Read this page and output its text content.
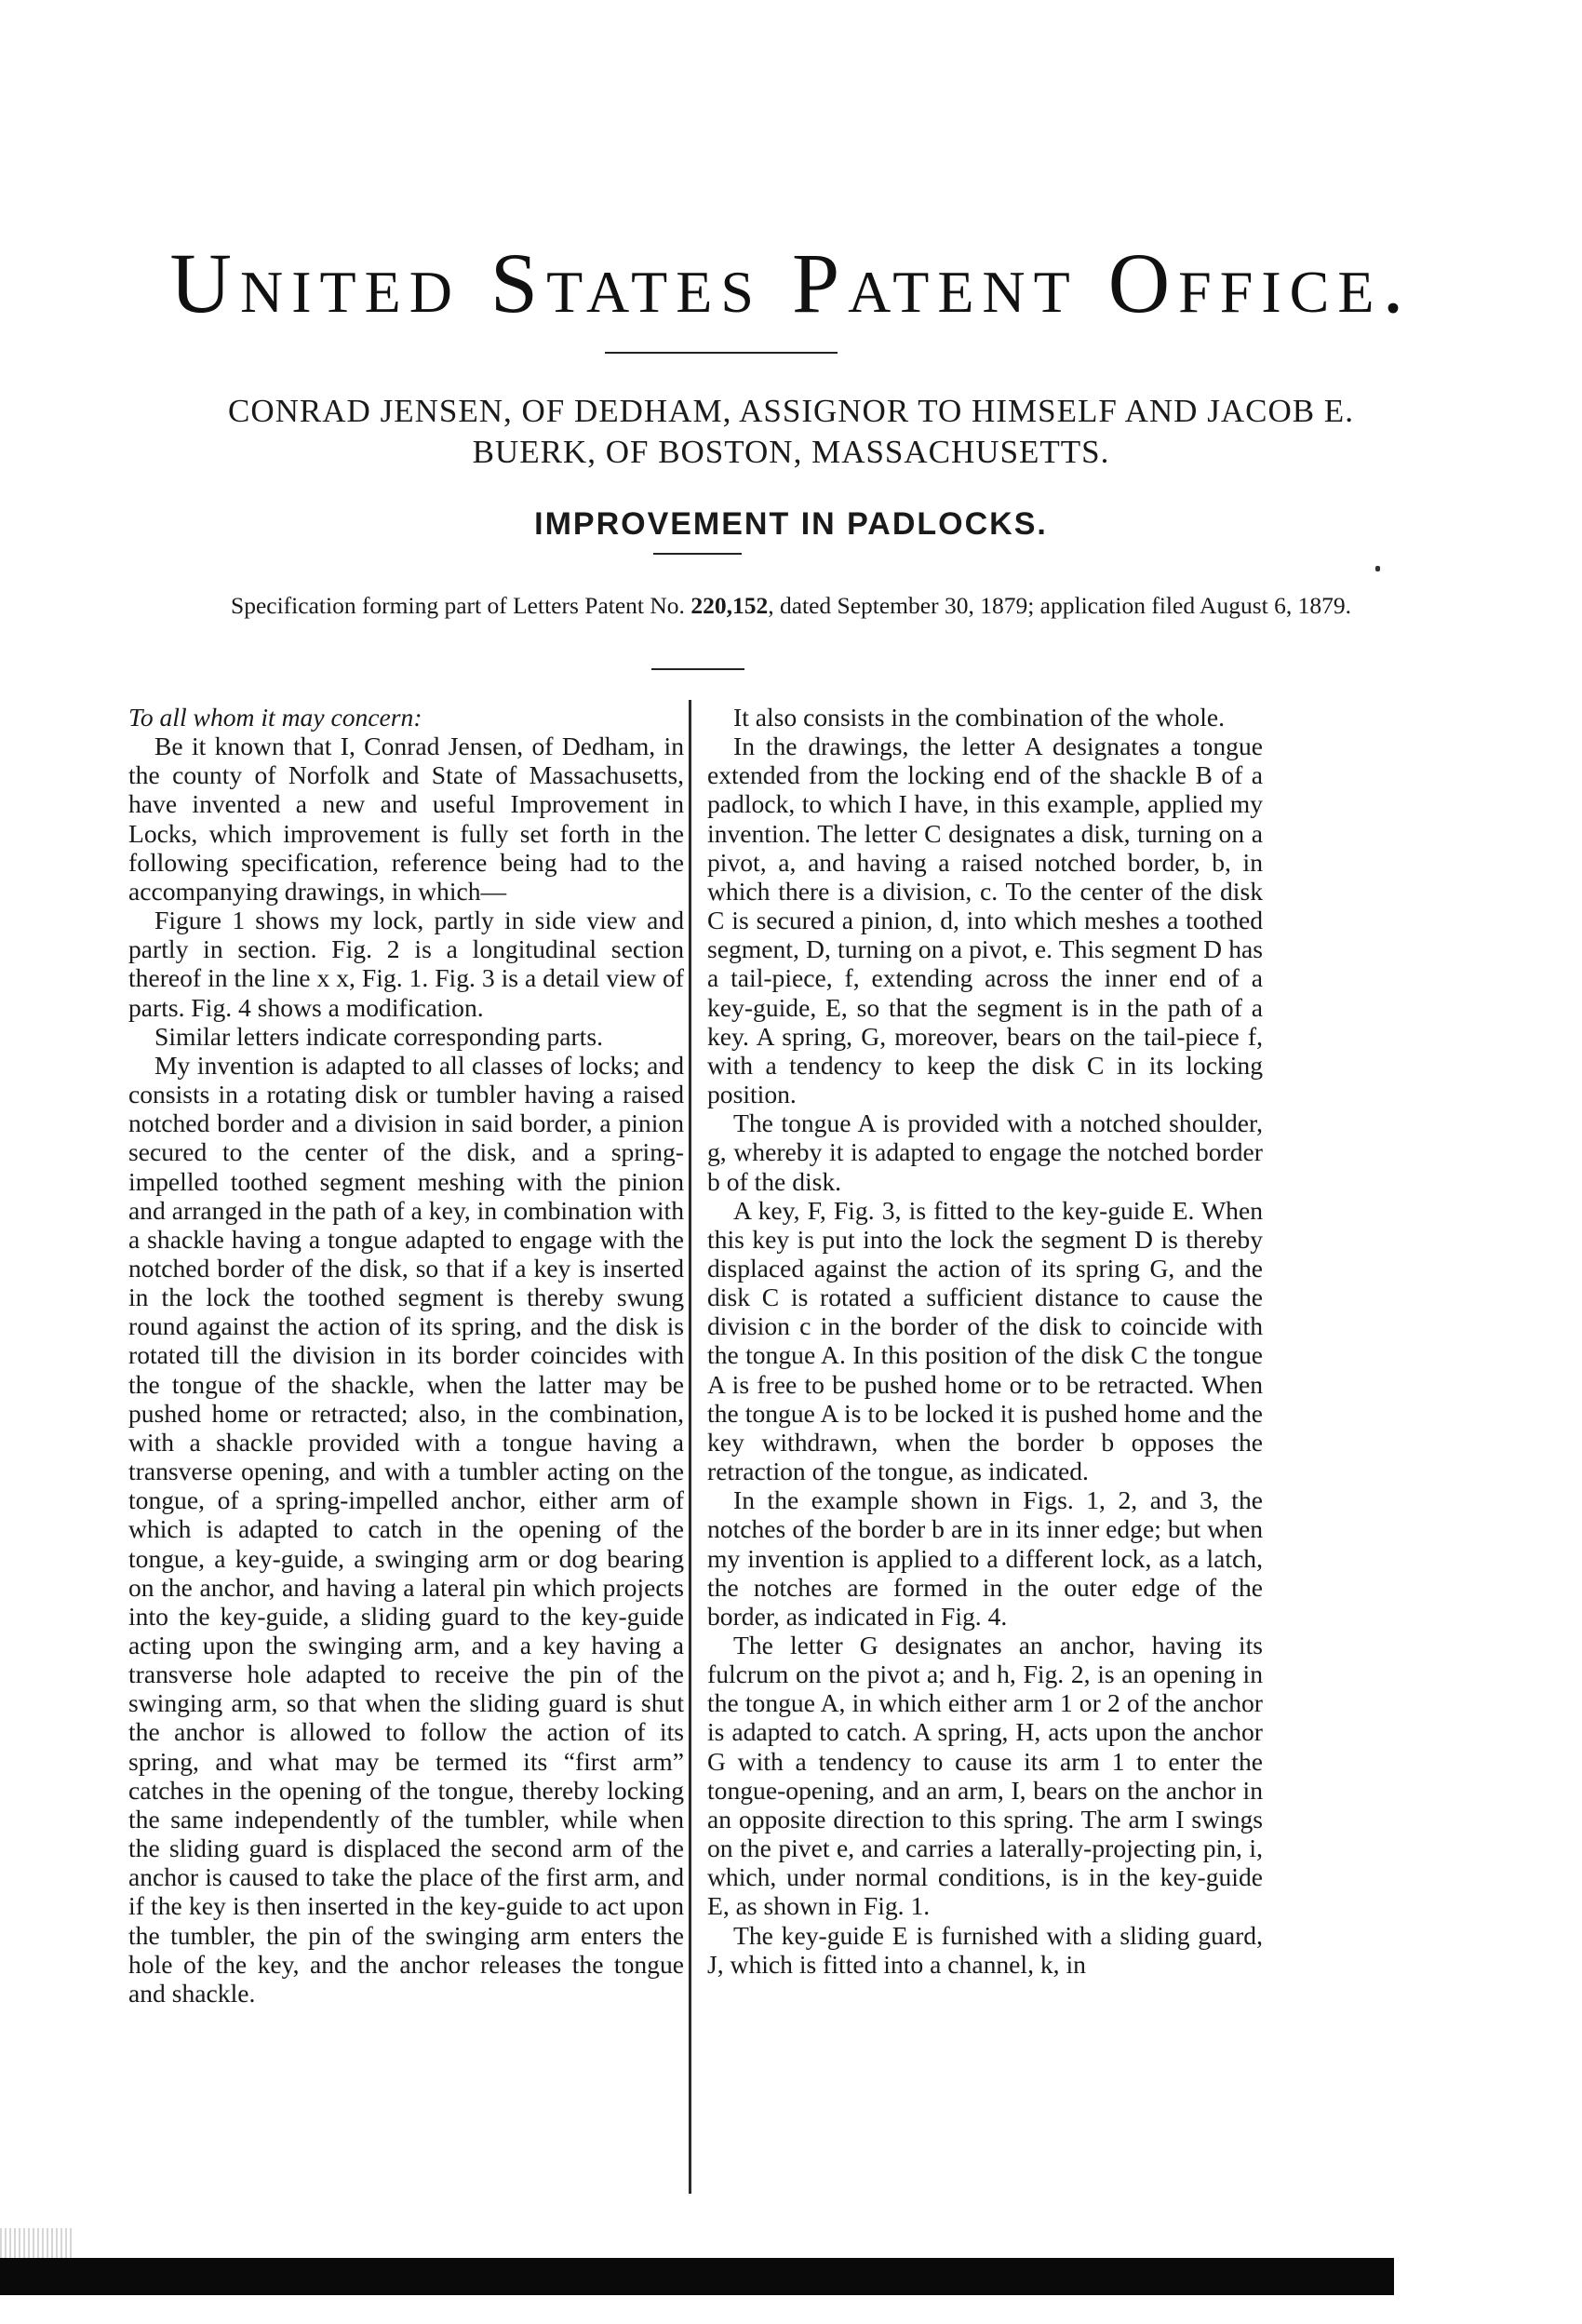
United States Patent Office.
CONRAD JENSEN, OF DEDHAM, ASSIGNOR TO HIMSELF AND JACOB E.
BUERK, OF BOSTON, MASSACHUSETTS.
IMPROVEMENT IN PADLOCKS.
Specification forming part of Letters Patent No. 220,152, dated September 30, 1879; application filed August 6, 1879.

To all whom it may concern:

Be it known that I, Conrad Jensen, of Dedham, in the county of Norfolk and State of Massachusetts, have invented a new and useful Improvement in Locks, which improvement is fully set forth in the following specification, reference being had to the accompanying drawings, in which—

Figure 1 shows my lock, partly in side view and partly in section. Fig. 2 is a longitudinal section thereof in the line x x, Fig. 1. Fig. 3 is a detail view of parts. Fig. 4 shows a modification.

Similar letters indicate corresponding parts.

My invention is adapted to all classes of locks; and consists in a rotating disk or tumbler having a raised notched border and a division in said border, a pinion secured to the center of the disk, and a spring-impelled toothed segment meshing with the pinion and arranged in the path of a key, in combination with a shackle having a tongue adapted to engage with the notched border of the disk, so that if a key is inserted in the lock the toothed segment is thereby swung round against the action of its spring, and the disk is rotated till the division in its border coincides with the tongue of the shackle, when the latter may be pushed home or retracted; also, in the combination, with a shackle provided with a tongue having a transverse opening, and with a tumbler acting on the tongue, of a spring-impelled anchor, either arm of which is adapted to catch in the opening of the tongue, a key-guide, a swinging arm or dog bearing on the anchor, and having a lateral pin which projects into the key-guide, a sliding guard to the key-guide acting upon the swinging arm, and a key having a transverse hole adapted to receive the pin of the swinging arm, so that when the sliding guard is shut the anchor is allowed to follow the action of its spring, and what may be termed its “first arm” catches in the opening of the tongue, thereby locking the same independently of the tumbler, while when the sliding guard is displaced the second arm of the anchor is caused to take the place of the first arm, and if the key is then inserted in the key-guide to act upon the tumbler, the pin of the swinging arm enters the hole of the key, and the anchor releases the tongue and shackle.

It also consists in the combination of the whole.

In the drawings, the letter A designates a tongue extended from the locking end of the shackle B of a padlock, to which I have, in this example, applied my invention. The letter C designates a disk, turning on a pivot, a, and having a raised notched border, b, in which there is a division, c. To the center of the disk C is secured a pinion, d, into which meshes a toothed segment, D, turning on a pivot, e. This segment D has a tail-piece, f, extending across the inner end of a key-guide, E, so that the segment is in the path of a key. A spring, G, moreover, bears on the tail-piece f, with a tendency to keep the disk C in its locking position.

The tongue A is provided with a notched shoulder, g, whereby it is adapted to engage the notched border b of the disk.

A key, F, Fig. 3, is fitted to the key-guide E. When this key is put into the lock the segment D is thereby displaced against the action of its spring G, and the disk C is rotated a sufficient distance to cause the division c in the border of the disk to coincide with the tongue A. In this position of the disk C the tongue A is free to be pushed home or to be retracted. When the tongue A is to be locked it is pushed home and the key withdrawn, when the border b opposes the retraction of the tongue, as indicated.

In the example shown in Figs. 1, 2, and 3, the notches of the border b are in its inner edge; but when my invention is applied to a different lock, as a latch, the notches are formed in the outer edge of the border, as indicated in Fig. 4.

The letter G designates an anchor, having its fulcrum on the pivot a; and h, Fig. 2, is an opening in the tongue A, in which either arm 1 or 2 of the anchor is adapted to catch. A spring, H, acts upon the anchor G with a tendency to cause its arm 1 to enter the tongue-opening, and an arm, I, bears on the anchor in an opposite direction to this spring. The arm I swings on the pivet e, and carries a laterally-projecting pin, i, which, under normal conditions, is in the key-guide E, as shown in Fig. 1.

The key-guide E is furnished with a sliding guard, J, which is fitted into a channel, k, in
